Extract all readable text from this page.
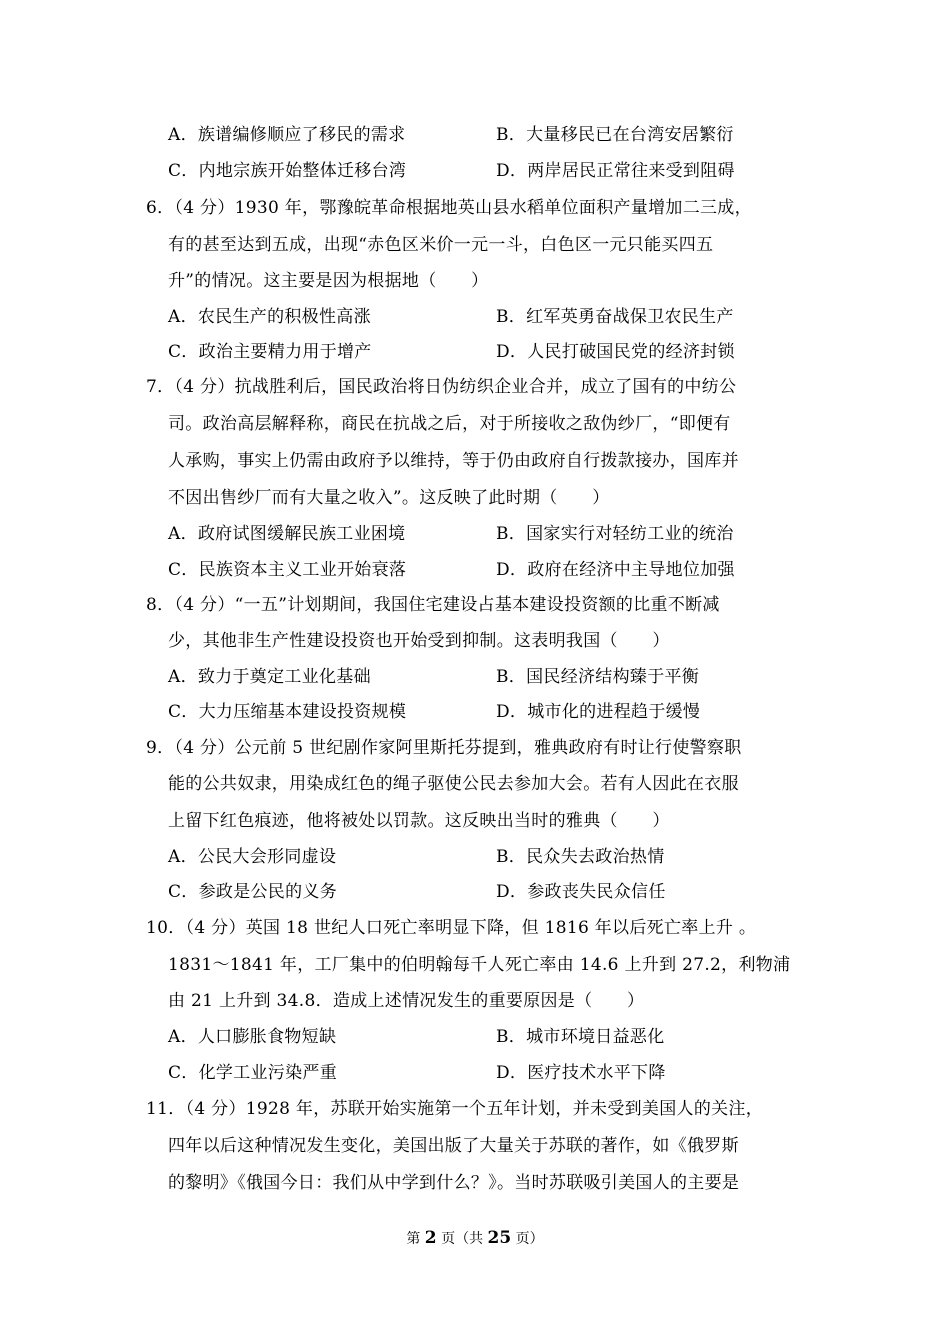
A．族谱编修顺应了移民的需求	B．大量移民已在台湾安居繁衍
C．内地宗族开始整体迁移台湾	D．两岸居民正常往来受到阻碍
6．（4 分）1930 年，鄂豫皖革命根据地英山县水稻单位面积产量增加二三成，
有的甚至达到五成，出现“赤色区米价一元一斗，白色区一元只能买四五
升”的情况。这主要是因为根据地（　　）
A．农民生产的积极性高涨	B．红军英勇奋战保卫农民生产
C．政治主要精力用于增产	D．人民打破国民党的经济封锁
7．（4 分）抗战胜利后，国民政治将日伪纺织企业合并，成立了国有的中纺公
司。政治高层解释称，商民在抗战之后，对于所接收之敌伪纱厂，“即便有
人承购，事实上仍需由政府予以维持，等于仍由政府自行拨款接办，国库并
不因出售纱厂而有大量之收入”。这反映了此时期（　　）
A．政府试图缓解民族工业困境	B．国家实行对轻纺工业的统治
C．民族资本主义工业开始衰落	D．政府在经济中主导地位加强
8．（4 分）“一五”计划期间，我国住宅建设占基本建设投资额的比重不断减
少，其他非生产性建设投资也开始受到抑制。这表明我国（　　）
A．致力于奠定工业化基础	B．国民经济结构臻于平衡
C．大力压缩基本建设投资规模	D．城市化的进程趋于缓慢
9．（4 分）公元前 5 世纪剧作家阿里斯托芬提到，雅典政府有时让行使警察职
能的公共奴隶，用染成红色的绳子驱使公民去参加大会。若有人因此在衣服
上留下红色痕迹，他将被处以罚款。这反映出当时的雅典（　　）
A．公民大会形同虚设	B．民众失去政治热情
C．参政是公民的义务	D．参政丧失民众信任
10．（4 分）英国 18 世纪人口死亡率明显下降，但 1816 年以后死亡率上升 。
1831～1841 年，工厂集中的伯明翰每千人死亡率由 14.6 上升到 27.2，利物浦
由 21 上升到 34.8．造成上述情况发生的重要原因是（　　）
A．人口膨胀食物短缺	B．城市环境日益恶化
C．化学工业污染严重	D．医疗技术水平下降
11．（4 分）1928 年，苏联开始实施第一个五年计划，并未受到美国人的关注，
四年以后这种情况发生变化，美国出版了大量关于苏联的著作，如《俄罗斯
的黎明》《俄国今日：我们从中学到什么？》。当时苏联吸引美国人的主要是
第 2 页（共 25 页）
